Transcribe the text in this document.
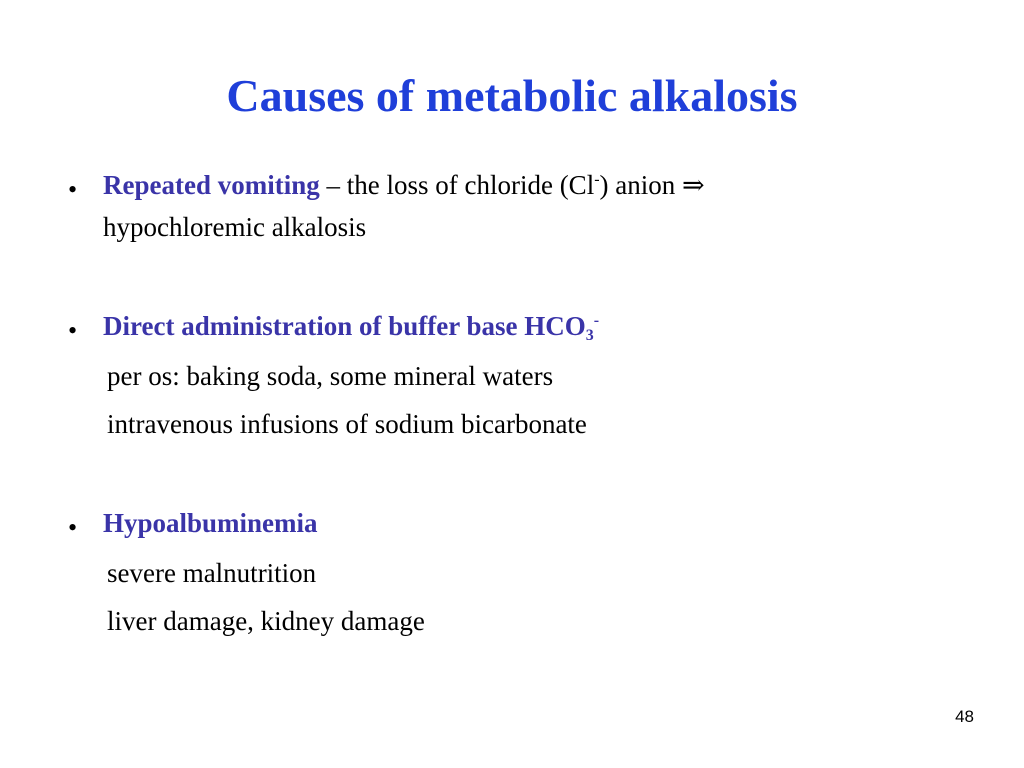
Causes of metabolic alkalosis
• Repeated vomiting – the loss of chloride (Cl-) anion ⇒
hypochloremic alkalosis
• Direct administration of buffer base $HCO_3^-$
per os: baking soda, some mineral waters
intravenous infusions of sodium bicarbonate
• Hypoalbuminemia
severe malnutrition
liver damage, kidney damage
48
